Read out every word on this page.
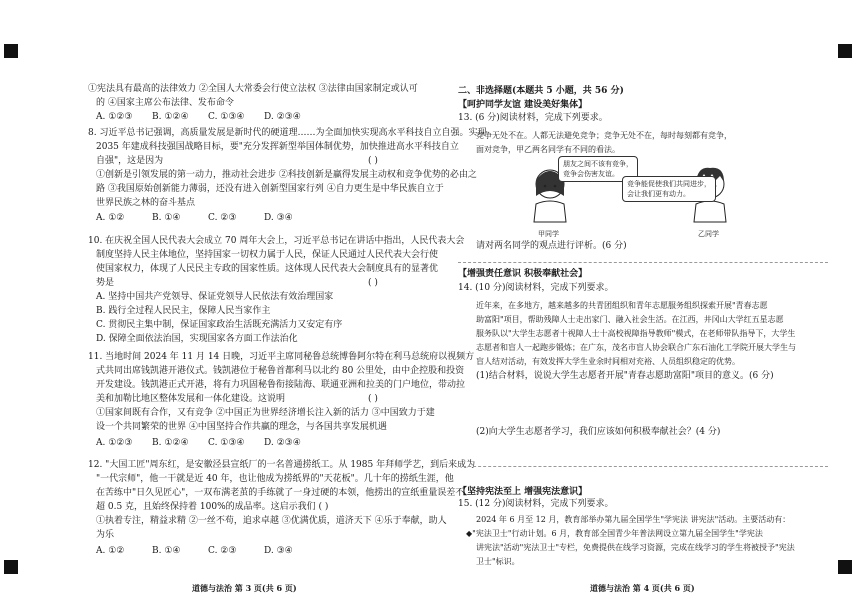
①宪法具有最高的法律效力 ②全国人大常委会行使立法权 ③法律由国家制定或认可
的 ④国家主席公布法律、发布命令
A. ①②③ B. ①②④ C. ①③④ D. ②③④
8. 习近平总书记强调，高质量发展是新时代的硬道理……为全面加快实现高水平科技自立自强。实现
2035 年建成科技强国战略目标，要"充分发挥新型举国体制优势，加快推进高水平科技自立
自强"，这是因为	( )
①创新是引领发展的第一动力，推动社会进步 ②科技创新是赢得发展主动权和竞争优势的必由之
路 ③我国原始创新能力薄弱，还没有进入创新型国家行列 ④自力更生是中华民族自立于
世界民族之林的奋斗基点
A. ①②	B. ①④	C. ②③	D. ③④
10. 在庆祝全国人民代表大会成立 70 周年大会上，习近平总书记在讲话中指出，人民代表大会
制度坚持人民主体地位，坚持国家一切权力属于人民，保证人民通过人民代表大会行使
使国家权力，体现了人民民主专政的国家性质。这体现人民代表大会制度具有的显著优
势是	( )
A. 坚持中国共产党领导、保证党领导人民依法有效治理国家
B. 践行全过程人民民主，保障人民当家作主
C. 贯彻民主集中制，保证国家政治生活既充满活力又安定有序
D. 保障全面依法治国，实现国家各方面工作法治化
11. 当地时间 2024 年 11 月 14 日晚，习近平主席同秘鲁总统博鲁阿尔特在利马总统府以视频方
式共同出席钱凯港开港仪式。钱凯港位于秘鲁首都利马以北约 80 公里处，由中企控股和投资
开发建设。钱凯港正式开港，将有力巩固秘鲁衔接陆海、联通亚洲和拉美的门户地位，带动拉
美和加勒比地区整体发展和一体化建设。这说明	( )
①国家间既有合作，又有竞争 ②中国正为世界经济增长注入新的活力 ③中国致力于建
设一个共同繁荣的世界 ④中国坚持合作共赢的理念，与各国共享发展机遇
A. ①②③ B. ①②④ C. ①③④ D. ②③④
12. "大国工匠"周东红，是安徽泾县宣纸厂的一名普通捞纸工。从 1985 年拜师学艺，到后来成为
"一代宗师"，他一干就是近 40 年，也让他成为捞纸界的"天花板"。几十年的捞纸生涯，他
在苦练中"日久见匠心"，一双布满老茧的手练就了一身过硬的本领，他捞出的宣纸重量误差不
超 0.5 克，且始终保持着 100%的成品率。这启示我们 ( )
①执着专注，精益求精 ②一丝不苟，追求卓越 ③优满优质，道济天下 ④乐于奉献，助人
为乐
A. ①②	B. ①④	C. ②③	D. ③④
道德与法治 第 3 页(共 6 页)
二、非选择题(本题共 5 小题，共 56 分)
【呵护同学友谊 建设美好集体】
13. (6 分)阅读材料，完成下列要求。
竞争无处不在。人都无法避免竞争；竞争无处不在，每时每刻都有竞争，
面对竞争，甲乙两名同学有不同的看法。
朋友之间不该有竞争，
竞争会伤害友谊。
竞争能促使我们共同进步，
会让我们更有动力。
甲同学	乙同学
请对两名同学的观点进行评析。(6 分)
【增强责任意识 积极奉献社会】
14. (10 分)阅读材料，完成下列要求。
近年来，在多地方，越来越多的共青团组织和青年志愿服务组织探索开展"青春志愿
助富阳"项目，帮助残障人士走出家门、融入社会生活。在江西，井冈山大学红五星志愿
服务队以"大学生志愿者十视障人士十高校视障指导教师"模式，在老师带队指导下，大学生
志愿者和盲人一起跑步锻炼；在广东，茂名市盲人协会联合广东石油化工学院开展大学生与
盲人结对活动，有效发挥大学生业余时间相对充裕、人员组织稳定的优势。
(1)结合材料，说说大学生志愿者开展"青春志愿助富阳"项目的意义。(6 分)
(2)向大学生志愿者学习，我们应该如何积极奉献社会？(4 分)
【坚持宪法至上 增强宪法意识】
15. (12 分)阅读材料，完成下列要求。
2024 年 6 月至 12 月，教育部举办第九届全国学生"学宪法 讲宪法"活动。主要活动有：
◆"宪法卫士"行动计划。6 月，教育部全国青少年普法网设立第九届全国学生"学宪法
讲宪法"活动"宪法卫士"专栏，免费提供在线学习资源，完成在线学习的学生将被授予"宪法
卫士"标识。
道德与法治 第 4 页(共 6 页)
